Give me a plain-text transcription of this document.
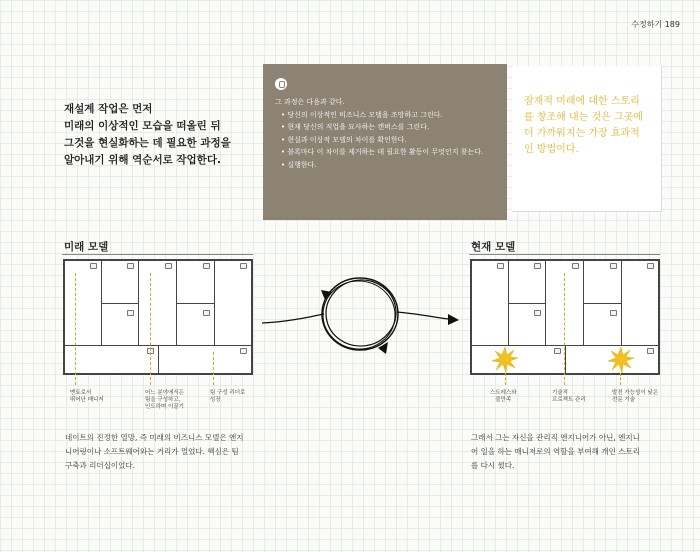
수정하기 189
재설계 작업은 먼저
미래의 이상적인 모습을 떠올린 뒤
그것을 현실화하는 데 필요한 과정을
알아내기 위해 역순서로 작업한다.
그 과정은 다음과 같다.
• 당신의 이상적인 비즈니스 모델을 조망하고 그린다.
• 현재 당신의 직업을 묘사하는 캔버스를 그린다.
• 현실과 이상적 모델의 차이를 확인한다.
• 블록마다 이 차이를 제거하는 데 필요한 활동이 무엇인지 찾는다.
• 실행한다.
잠재적 미래에 대한 스토리를 창조해 내는 것은 그곳에 더 가까워지는 가장 효과적인 방법이다.
미래 모델
멘토로서
뛰어난 매니저
어느 분야에서든
팀을 구성하고,
인도하며 이끌기
팀 구성 리더로
성장
네이트의 진정한 열망, 즉 미래의 비즈니스 모델은 엔지
니어링이나 소프트웨어와는 거리가 멀었다. 핵심은 팀
구축과 리더십이었다.
현재 모델
스트레스와
불만족
기술적
프로젝트 관리
발전 가능성이 낮은
전문 기술
그래서 그는 자신을 관리직 엔지니어가 아닌, 엔지니
어 일을 하는 매니저로의 역할을 부여해 개인 스토리
를 다시 썼다.
